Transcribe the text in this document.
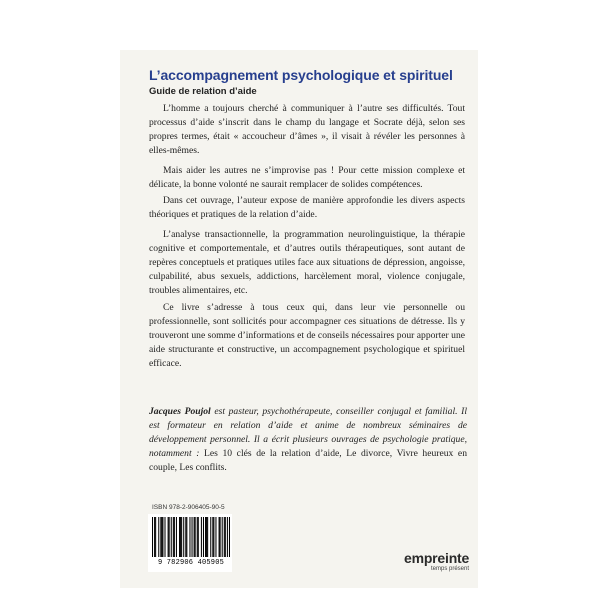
L’accompagnement psychologique et spirituel
Guide de relation d’aide

L’homme a toujours cherché à communiquer à l’autre ses difficultés. Tout processus d’aide s’inscrit dans le champ du langage et Socrate déjà, selon ses propres termes, était « accoucheur d’âmes », il visait à révéler les personnes à elles-mêmes.

Mais aider les autres ne s’improvise pas ! Pour cette mission complexe et délicate, la bonne volonté ne saurait remplacer de solides compétences.

Dans cet ouvrage, l’auteur expose de manière approfondie les divers aspects théoriques et pratiques de la relation d’aide.

L’analyse transactionnelle, la programmation neurolinguistique, la thérapie cognitive et comportementale, et d’autres outils thérapeutiques, sont autant de repères conceptuels et pratiques utiles face aux situations de dépression, angoisse, culpabilité, abus sexuels, addictions, harcèlement moral, violence conjugale, troubles alimentaires, etc.

Ce livre s’adresse à tous ceux qui, dans leur vie personnelle ou professionnelle, sont sollicités pour accompagner ces situations de détresse. Ils y trouveront une somme d’informations et de conseils nécessaires pour apporter une aide structurante et constructive, un accompagnement psychologique et spirituel efficace.

Jacques Poujol est pasteur, psychothérapeute, conseiller conjugal et familial. Il est formateur en relation d’aide et anime de nombreux séminaires de développement personnel. Il a écrit plusieurs ouvrages de psychologie pratique, notamment : Les 10 clés de la relation d’aide, Le divorce, Vivre heureux en couple, Les conflits.

ISBN 978-2-906405-90-5
9 782906 405905	empreinte
temps présent
